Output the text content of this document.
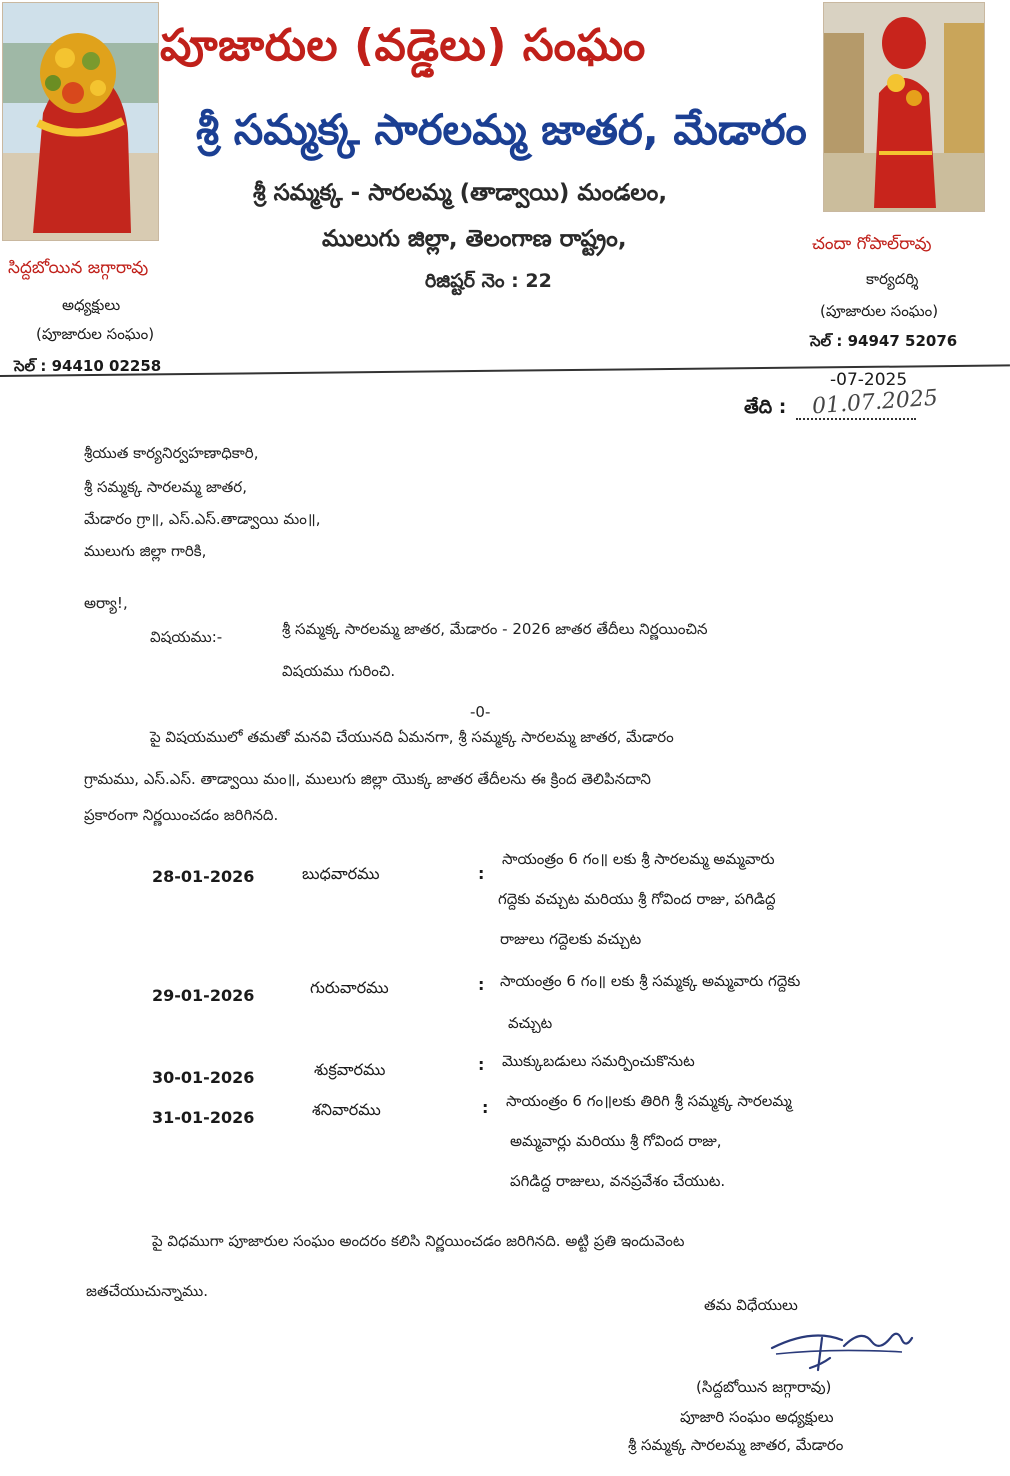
పూజారుల (వడ్డెలు) సంఘం
శ్రీ సమ్మక్క సారలమ్మ జాతర, మేడారం
శ్రీ సమ్మక్క - సారలమ్మ (తాడ్వాయి) మండలం,
ములుగు జిల్లా, తెలంగాణ రాష్ట్రం,
రిజిష్టర్ నెం : 22
సిద్దబోయిన జగ్గారావు
అధ్యక్షులు
(పూజారుల సంఘం)
సెల్ : 94410 02258
చందా గోపాల్‌రావు
కార్యదర్శి
(పూజారుల సంఘం)
సెల్ : 94947 52076
-07-2025
తేది : 01.07.2025
శ్రీయుత కార్యనిర్వహణాధికారి,
శ్రీ సమ్మక్క సారలమ్మ జాతర,
మేడారం గ్రా॥, ఎస్.ఎస్.తాడ్వాయి మం॥,
ములుగు జిల్లా గారికి,
అర్యా!,
విషయము:-	శ్రీ సమ్మక్క సారలమ్మ జాతర, మేడారం - 2026 జాతర తేదీలు నిర్ణయించిన
విషయము గురించి.
-0-
పై విషయములో తమతో మనవి చేయునది ఏమనగా, శ్రీ సమ్మక్క సారలమ్మ జాతర, మేడారం
గ్రామము, ఎస్.ఎస్. తాడ్వాయి మం॥, ములుగు జిల్లా యొక్క జాతర తేదీలను ఈ క్రింద తెలిపినదాని
ప్రకారంగా నిర్ణయించడం జరిగినది.
28-01-2026	బుధవారము	:
సాయంత్రం 6 గం॥ లకు శ్రీ సారలమ్మ అమ్మవారు
గద్దెకు వచ్చుట మరియు శ్రీ గోవింద రాజు, పగిడిద్ద
రాజులు గద్దెలకు వచ్చుట
29-01-2026	గురువారము	: సాయంత్రం 6 గం॥ లకు శ్రీ సమ్మక్క అమ్మవారు గద్దెకు
వచ్చుట
30-01-2026	శుక్రవారము	: మొక్కుబడులు సమర్పించుకొనుట
31-01-2026	శనివారము	: సాయంత్రం 6 గం॥లకు తిరిగి శ్రీ సమ్మక్క సారలమ్మ
అమ్మవార్లు మరియు శ్రీ గోవింద రాజు,
పగిడిద్ద రాజులు, వనప్రవేశం చేయుట.
పై విధముగా పూజారుల సంఘం అందరం కలిసి నిర్ణయించడం జరిగినది. అట్టి ప్రతి ఇందువెంట
జతచేయుచున్నాము.
తమ విధేయులు
(సిద్దబోయిన జగ్గారావు)
పూజారి సంఘం అధ్యక్షులు
శ్రీ సమ్మక్క సారలమ్మ జాతర, మేడారం
